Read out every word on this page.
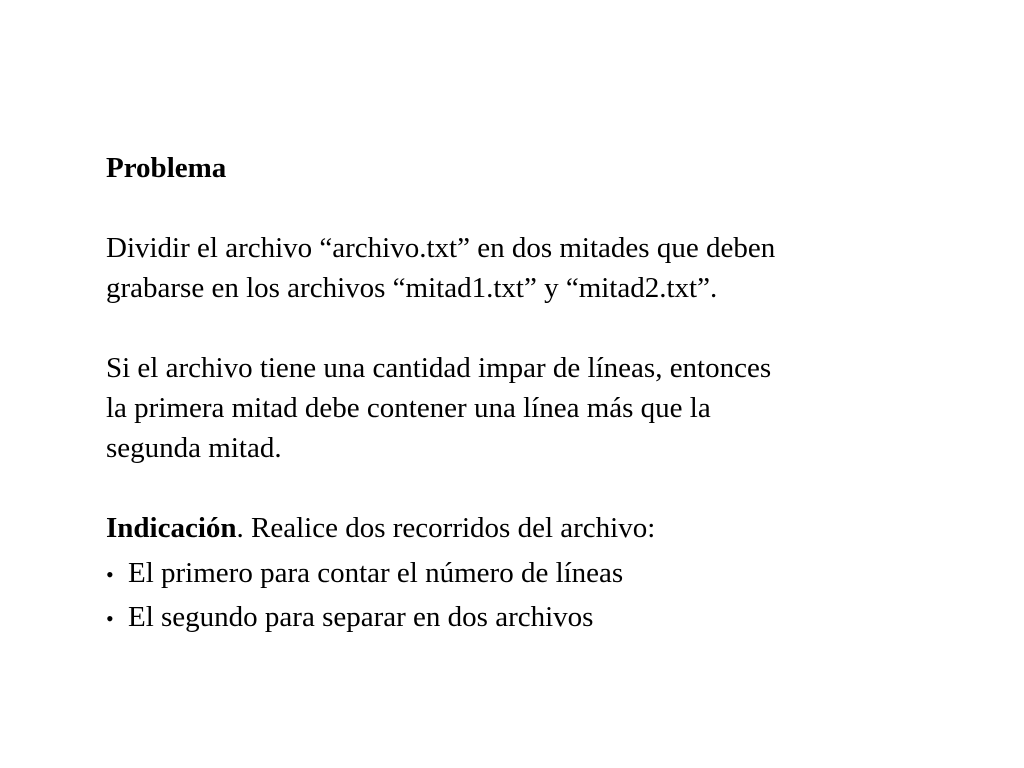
Problema

Dividir el archivo “archivo.txt” en dos mitades que deben
grabarse en los archivos “mitad1.txt” y “mitad2.txt”.

Si el archivo tiene una cantidad impar de líneas, entonces
la primera mitad debe contener una línea más que la
segunda mitad.

Indicación. Realice dos recorridos del archivo:

• El primero para contar el número de líneas
• El segundo para separar en dos archivos
